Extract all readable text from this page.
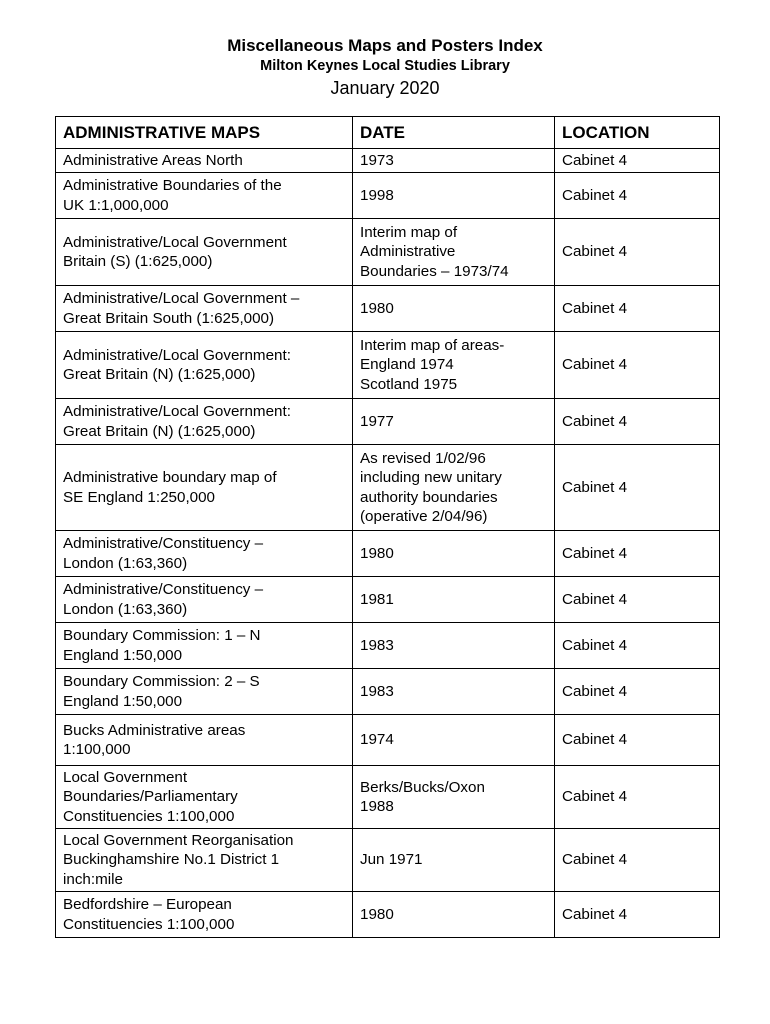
Miscellaneous Maps and Posters Index
Milton Keynes Local Studies Library
January 2020
ADMINISTRATIVE MAPS	DATE	LOCATION
Administrative Areas North	1973	Cabinet 4
Administrative Boundaries of the
UK 1:1,000,000	1998	Cabinet 4
Administrative/Local Government
Britain (S) (1:625,000)	Interim map of
Administrative
Boundaries – 1973/74	Cabinet 4
Administrative/Local Government –
Great Britain South (1:625,000)	1980	Cabinet 4
Administrative/Local Government:
Great Britain (N) (1:625,000)	Interim map of areas-
England 1974
Scotland 1975	Cabinet 4
Administrative/Local Government:
Great Britain (N) (1:625,000)	1977	Cabinet 4
Administrative boundary map of
SE England 1:250,000	As revised 1/02/96
including new unitary
authority boundaries
(operative 2/04/96)	Cabinet 4
Administrative/Constituency –
London (1:63,360)	1980	Cabinet 4
Administrative/Constituency –
London (1:63,360)	1981	Cabinet 4
Boundary Commission: 1 – N
England 1:50,000	1983	Cabinet 4
Boundary Commission: 2 – S
England 1:50,000	1983	Cabinet 4
Bucks Administrative areas
1:100,000	1974	Cabinet 4
Local Government
Boundaries/Parliamentary
Constituencies 1:100,000	Berks/Bucks/Oxon
1988	Cabinet 4
Local Government Reorganisation
Buckinghamshire No.1 District 1
inch:mile	Jun 1971	Cabinet 4
Bedfordshire – European
Constituencies 1:100,000	1980	Cabinet 4
